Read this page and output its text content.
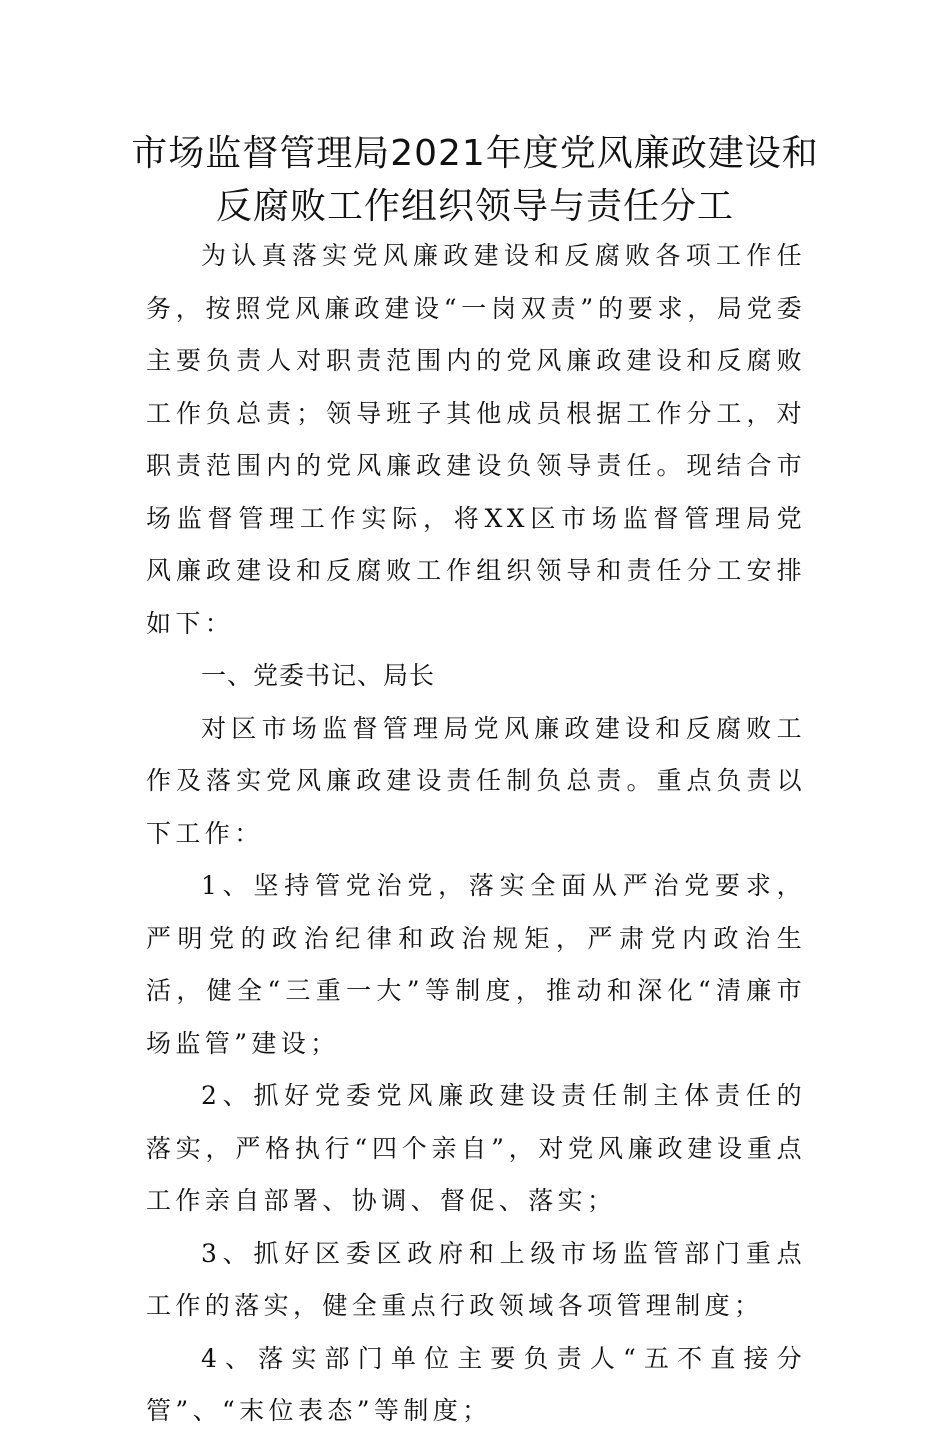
市场监督管理局2021年度党风廉政建设和
反腐败工作组织领导与责任分工

为认真落实党风廉政建设和反腐败各项工作任务，按照党风廉政建设“一岗双责”的要求，局党委主要负责人对职责范围内的党风廉政建设和反腐败工作负总责；领导班子其他成员根据工作分工，对职责范围内的党风廉政建设负领导责任。现结合市场监督管理工作实际，将XX区市场监督管理局党风廉政建设和反腐败工作组织领导和责任分工安排如下：

一、党委书记、局长

对区市场监督管理局党风廉政建设和反腐败工作及落实党风廉政建设责任制负总责。重点负责以下工作：

1、坚持管党治党，落实全面从严治党要求，严明党的政治纪律和政治规矩，严肃党内政治生活，健全“三重一大”等制度，推动和深化“清廉市场监管”建设；

2、抓好党委党风廉政建设责任制主体责任的落实，严格执行“四个亲自”，对党风廉政建设重点工作亲自部署、协调、督促、落实；

3、抓好区委区政府和上级市场监管部门重点工作的落实，健全重点行政领域各项管理制度；

4、落实部门单位主要负责人“五不直接分管”、“末位表态”等制度；
